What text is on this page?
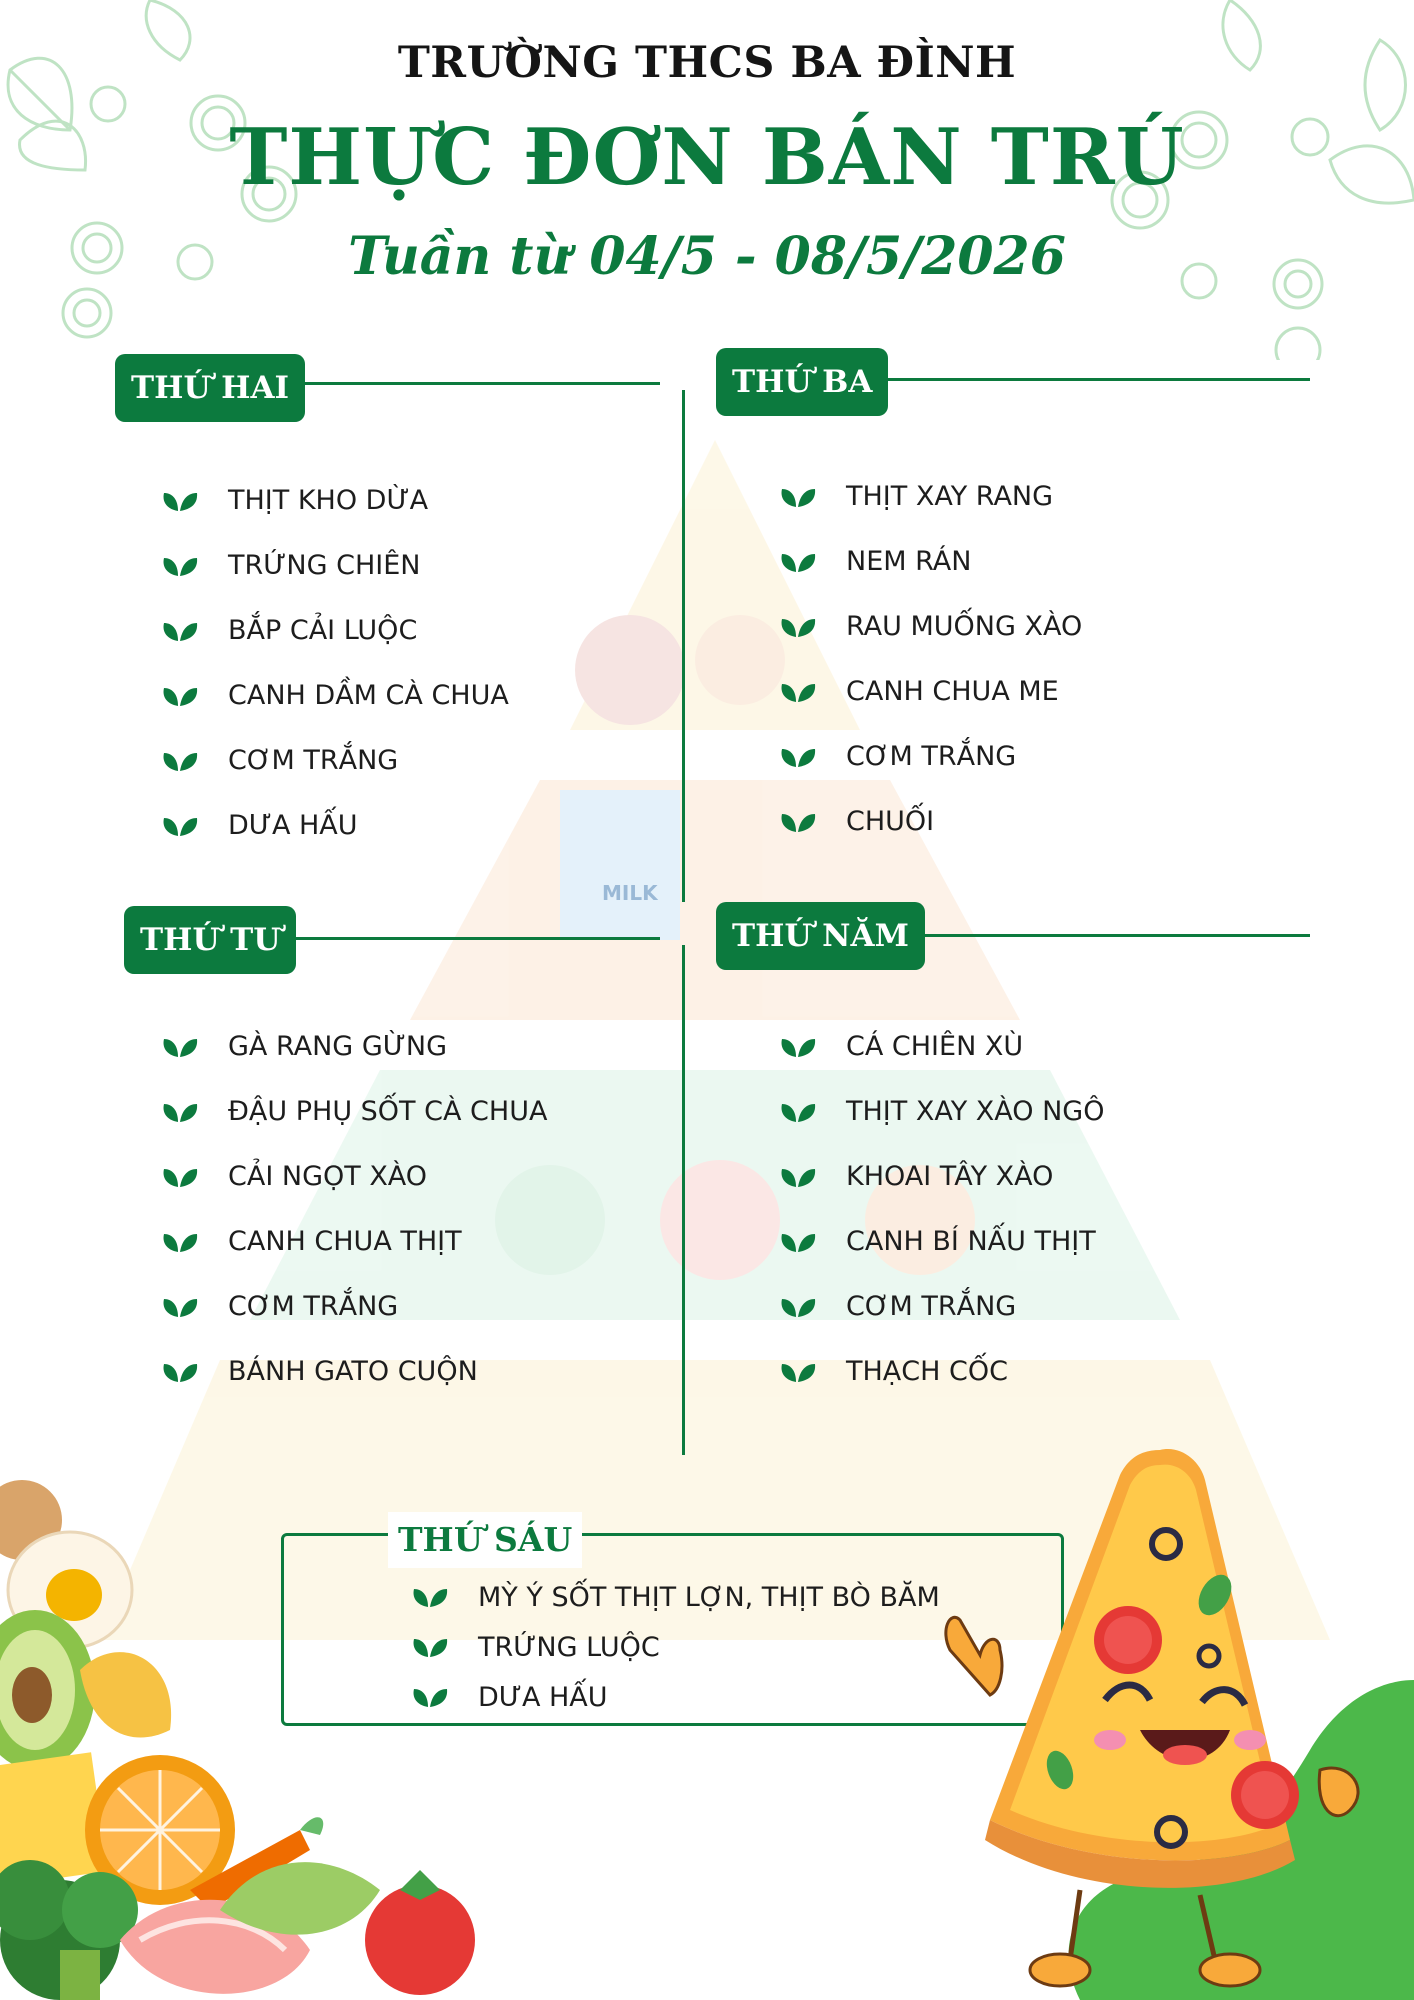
MILK
TRƯỜNG THCS BA ĐÌNH
THỰC ĐƠN BÁN TRÚ
Tuần từ 04/5 - 08/5/2026
THỨ HAI
THỊT KHO DỪA
TRỨNG CHIÊN
BẮP CẢI LUỘC
CANH DẦM CÀ CHUA
CƠM TRẮNG
DƯA HẤU
THỨ BA
THỊT XAY RANG
NEM RÁN
RAU MUỐNG XÀO
CANH CHUA ME
CƠM TRẮNG
CHUỐI
THỨ TƯ
GÀ RANG GỪNG
ĐẬU PHỤ SỐT CÀ CHUA
CẢI NGỌT XÀO
CANH CHUA THỊT
CƠM TRẮNG
BÁNH GATO CUỘN
THỨ NĂM
CÁ CHIÊN XÙ
THỊT XAY XÀO NGÔ
KHOAI TÂY XÀO
CANH BÍ NẤU THỊT
CƠM TRẮNG
THẠCH CỐC
THỨ SÁU
MỲ Ý SỐT THỊT LỢN, THỊT BÒ BĂM
TRỨNG LUỘC
DƯA HẤU
